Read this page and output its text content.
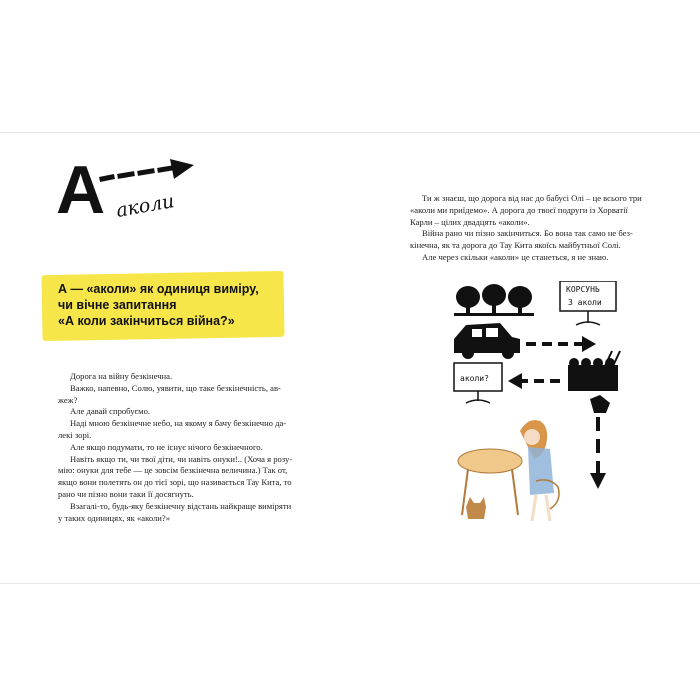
А аколи
А — «аколи» як одиниця виміру,
чи вічне запитання
«А коли закінчиться війна?»

Дорога на війну безкінечна.

Важко, напевно, Солю, уявити, що таке безкінечність, ав-жеж?

Але давай спробуємо.

Надi мною безкінечне небо, на якому я бачу безкінечно да-лекі зорі.

Але якщо подумати, то не існує нічого безкінечного.

Навіть якщо ти, чи твої діти, чи навіть онуки!.. (Хоча я розу-мію: онуки для тебе — це зовсім безкінечна величина.) Так от, якщо вони полетять он до тієї зорі, що називається Тау Кита, то рано чи пізно вони таки її досягнуть.

Взагалі-то, будь-яку безкінечну відстань найкраще виміряти у таких одиницях, як «аколи?»

Ти ж знаєш, що дорога від нас до бабусі Олі – це всього три «аколи ми приїдемо». А дорога до твоєї подруги із Хорватії Карли – цілих двадцять «аколи».

Війна рано чи пізно закінчиться. Бо вона так само не без-кінечна, як та дорога до Тау Кита якоїсь майбутньої Солі.

Але через скільки «аколи» це станеться, я не знаю.

КОРСУНЬ
3 аколи
аколи?
